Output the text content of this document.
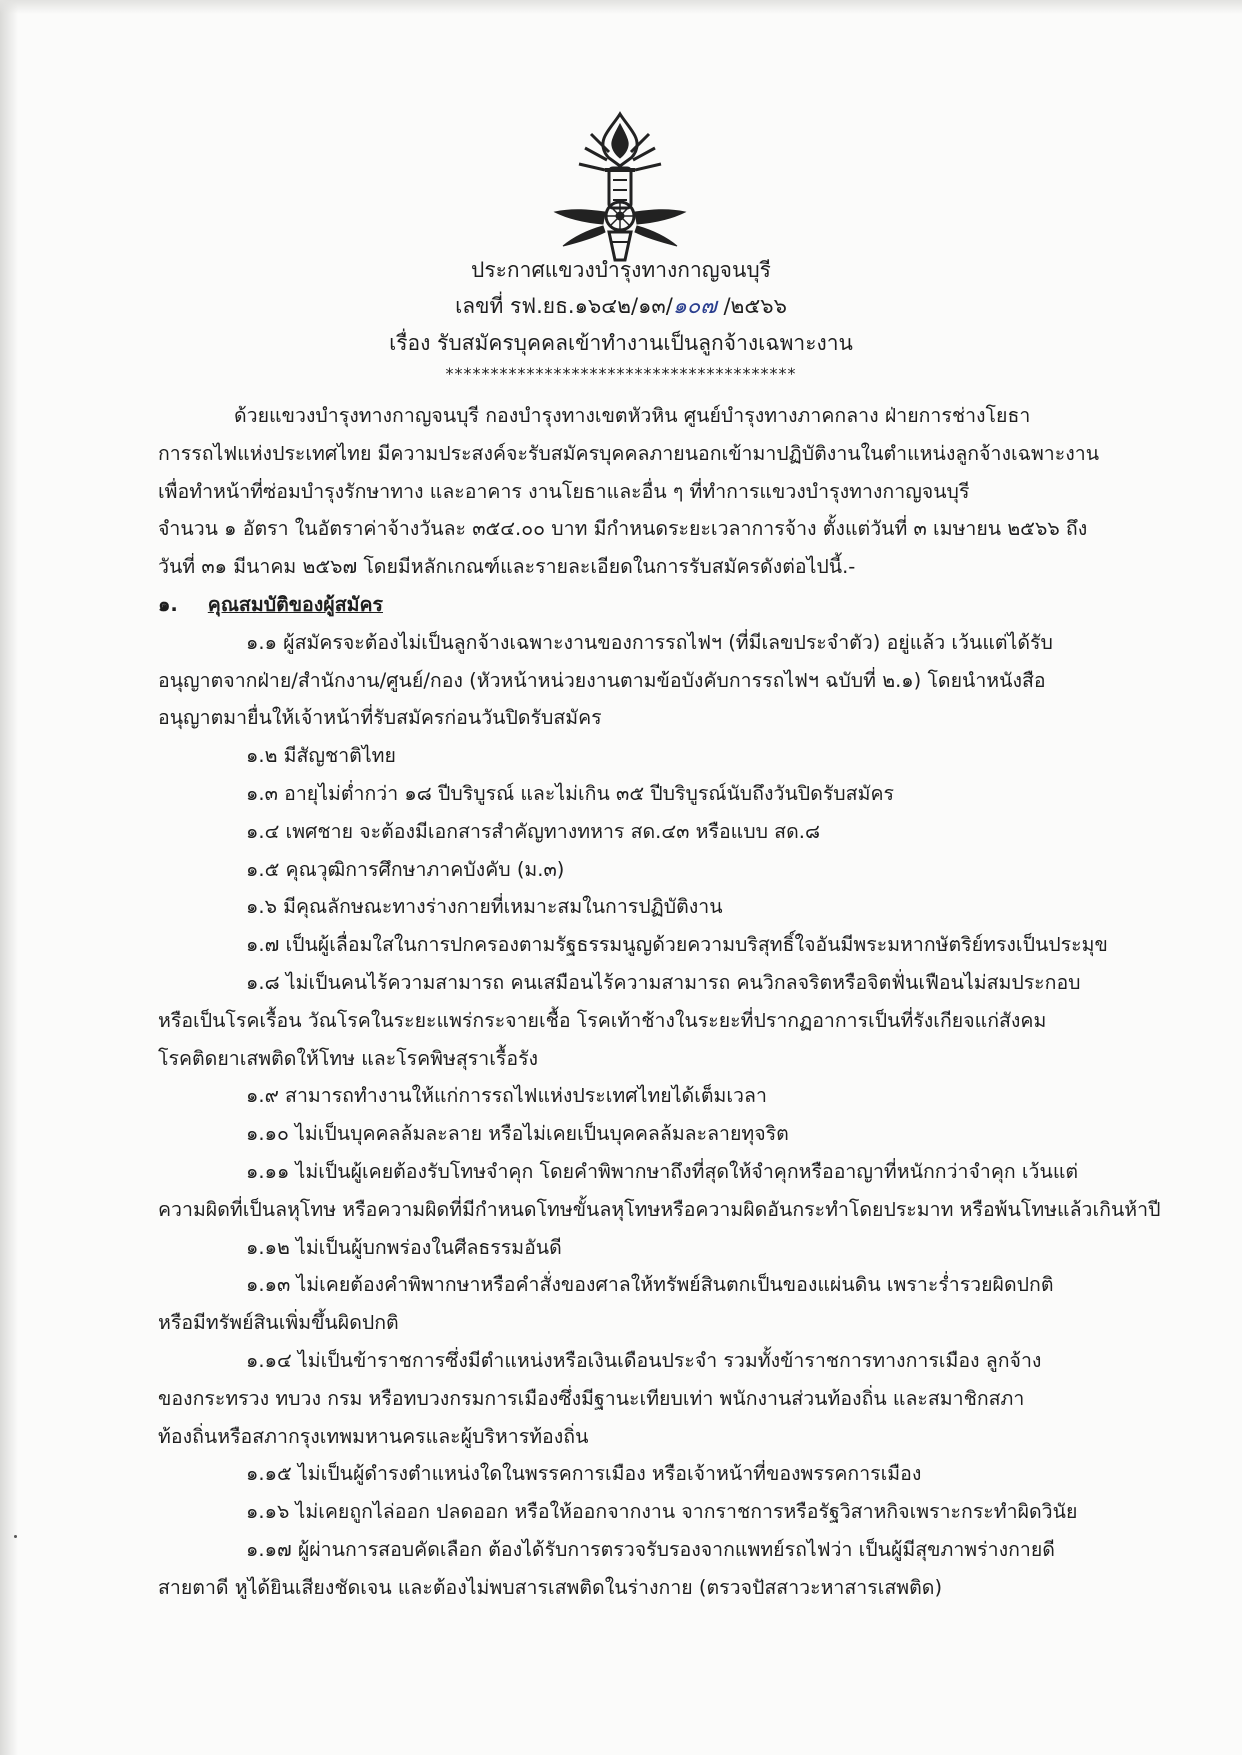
ประกาศแขวงบำรุงทางกาญจนบุรี
เลขที่ รฟ.ยธ.๑๖๔๒/๑๓/๑๐๗ /๒๕๖๖
เรื่อง รับสมัครบุคคลเข้าทำงานเป็นลูกจ้างเฉพาะงาน
***************************************
ด้วยแขวงบำรุงทางกาญจนบุรี กองบำรุงทางเขตหัวหิน ศูนย์บำรุงทางภาคกลาง ฝ่ายการช่างโยธา
การรถไฟแห่งประเทศไทย มีความประสงค์จะรับสมัครบุคคลภายนอกเข้ามาปฏิบัติงานในตำแหน่งลูกจ้างเฉพาะงาน
เพื่อทำหน้าที่ซ่อมบำรุงรักษาทาง และอาคาร งานโยธาและอื่น ๆ ที่ทำการแขวงบำรุงทางกาญจนบุรี
จำนวน ๑ อัตรา ในอัตราค่าจ้างวันละ ๓๕๔.๐๐ บาท มีกำหนดระยะเวลาการจ้าง ตั้งแต่วันที่ ๓ เมษายน ๒๕๖๖ ถึง
วันที่ ๓๑ มีนาคม ๒๕๖๗ โดยมีหลักเกณฑ์และรายละเอียดในการรับสมัครดังต่อไปนี้.-
๑. คุณสมบัติของผู้สมัคร
๑.๑ ผู้สมัครจะต้องไม่เป็นลูกจ้างเฉพาะงานของการรถไฟฯ (ที่มีเลขประจำตัว) อยู่แล้ว เว้นแต่ได้รับ
อนุญาตจากฝ่าย/สำนักงาน/ศูนย์/กอง (หัวหน้าหน่วยงานตามข้อบังคับการรถไฟฯ ฉบับที่ ๒.๑) โดยนำหนังสือ
อนุญาตมายื่นให้เจ้าหน้าที่รับสมัครก่อนวันปิดรับสมัคร
๑.๒ มีสัญชาติไทย
๑.๓ อายุไม่ต่ำกว่า ๑๘ ปีบริบูรณ์ และไม่เกิน ๓๕ ปีบริบูรณ์นับถึงวันปิดรับสมัคร
๑.๔ เพศชาย จะต้องมีเอกสารสำคัญทางทหาร สด.๔๓ หรือแบบ สด.๘
๑.๕ คุณวุฒิการศึกษาภาคบังคับ (ม.๓)
๑.๖ มีคุณลักษณะทางร่างกายที่เหมาะสมในการปฏิบัติงาน
๑.๗ เป็นผู้เลื่อมใสในการปกครองตามรัฐธรรมนูญด้วยความบริสุทธิ์ใจอันมีพระมหากษัตริย์ทรงเป็นประมุข
๑.๘ ไม่เป็นคนไร้ความสามารถ คนเสมือนไร้ความสามารถ คนวิกลจริตหรือจิตฟั่นเฟือนไม่สมประกอบ
หรือเป็นโรคเรื้อน วัณโรคในระยะแพร่กระจายเชื้อ โรคเท้าช้างในระยะที่ปรากฏอาการเป็นที่รังเกียจแก่สังคม
โรคติดยาเสพติดให้โทษ และโรคพิษสุราเรื้อรัง
๑.๙ สามารถทำงานให้แก่การรถไฟแห่งประเทศไทยได้เต็มเวลา
๑.๑๐ ไม่เป็นบุคคลล้มละลาย หรือไม่เคยเป็นบุคคลล้มละลายทุจริต
๑.๑๑ ไม่เป็นผู้เคยต้องรับโทษจำคุก โดยคำพิพากษาถึงที่สุดให้จำคุกหรืออาญาที่หนักกว่าจำคุก เว้นแต่
ความผิดที่เป็นลหุโทษ หรือความผิดที่มีกำหนดโทษขั้นลหุโทษหรือความผิดอันกระทำโดยประมาท หรือพ้นโทษแล้วเกินห้าปี
๑.๑๒ ไม่เป็นผู้บกพร่องในศีลธรรมอันดี
๑.๑๓ ไม่เคยต้องคำพิพากษาหรือคำสั่งของศาลให้ทรัพย์สินตกเป็นของแผ่นดิน เพราะร่ำรวยผิดปกติ
หรือมีทรัพย์สินเพิ่มขึ้นผิดปกติ
๑.๑๔ ไม่เป็นข้าราชการซึ่งมีตำแหน่งหรือเงินเดือนประจำ รวมทั้งข้าราชการทางการเมือง ลูกจ้าง
ของกระทรวง ทบวง กรม หรือทบวงกรมการเมืองซึ่งมีฐานะเทียบเท่า พนักงานส่วนท้องถิ่น และสมาชิกสภา
ท้องถิ่นหรือสภากรุงเทพมหานครและผู้บริหารท้องถิ่น
๑.๑๕ ไม่เป็นผู้ดำรงตำแหน่งใดในพรรคการเมือง หรือเจ้าหน้าที่ของพรรคการเมือง
๑.๑๖ ไม่เคยถูกไล่ออก ปลดออก หรือให้ออกจากงาน จากราชการหรือรัฐวิสาหกิจเพราะกระทำผิดวินัย
๑.๑๗ ผู้ผ่านการสอบคัดเลือก ต้องได้รับการตรวจรับรองจากแพทย์รถไฟว่า เป็นผู้มีสุขภาพร่างกายดี
สายตาดี หูได้ยินเสียงชัดเจน และต้องไม่พบสารเสพติดในร่างกาย (ตรวจปัสสาวะหาสารเสพติด)
